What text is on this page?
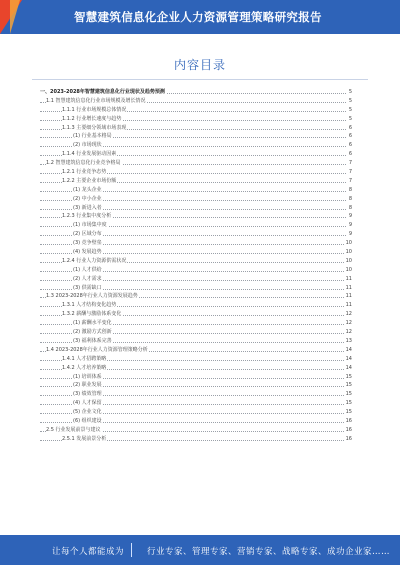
智慧建筑信息化企业人力资源管理策略研究报告
内容目录
一、2023-2028年智慧建筑信息化行业现状及趋势预测	5
1.1 智慧建筑信息化行业市场规模及增长情况	5
1.1.1 行业市场规模总体情况	5
1.1.2 行业增长速度与趋势	5
1.1.3 主要细分领域市场表现	6
(1) 行业基本格局	6
(2) 市场现状	6
1.1.4 行业发展驱动因素	6
1.2 智慧建筑信息化行业竞争格局	7
1.2.1 行业竞争态势	7
1.2.2 主要企业市场份额	7
(1) 龙头企业	8
(2) 中小企业	8
(3) 新进入者	8
1.2.3 行业集中度分析	9
(1) 市场集中度	9
(2) 区域分布	9
(3) 竞争壁垒	10
(4) 发展趋势	10
1.2.4 行业人力资源供需状况	10
(1) 人才供给	10
(2) 人才需求	11
(3) 供需缺口	11
1.3 2023-2028年行业人力资源发展趋势	11
1.3.1 人才结构变化趋势	11
1.3.2 薪酬与激励体系变化	12
(1) 薪酬水平变化	12
(2) 激励方式创新	12
(3) 福利体系完善	13
1.4 2023-2028年行业人力资源管理策略分析	14
1.4.1 人才招聘策略	14
1.4.2 人才培养策略	14
(1) 培训体系	15
(2) 职业发展	15
(3) 绩效管理	15
(4) 人才保留	15
(5) 企业文化	15
(6) 组织建设	16
2.5 行业发展前景与建议	16
2.5.1 发展前景分析	16
让每个人都能成为	行业专家、管理专家、营销专家、战略专家、成功企业家……
